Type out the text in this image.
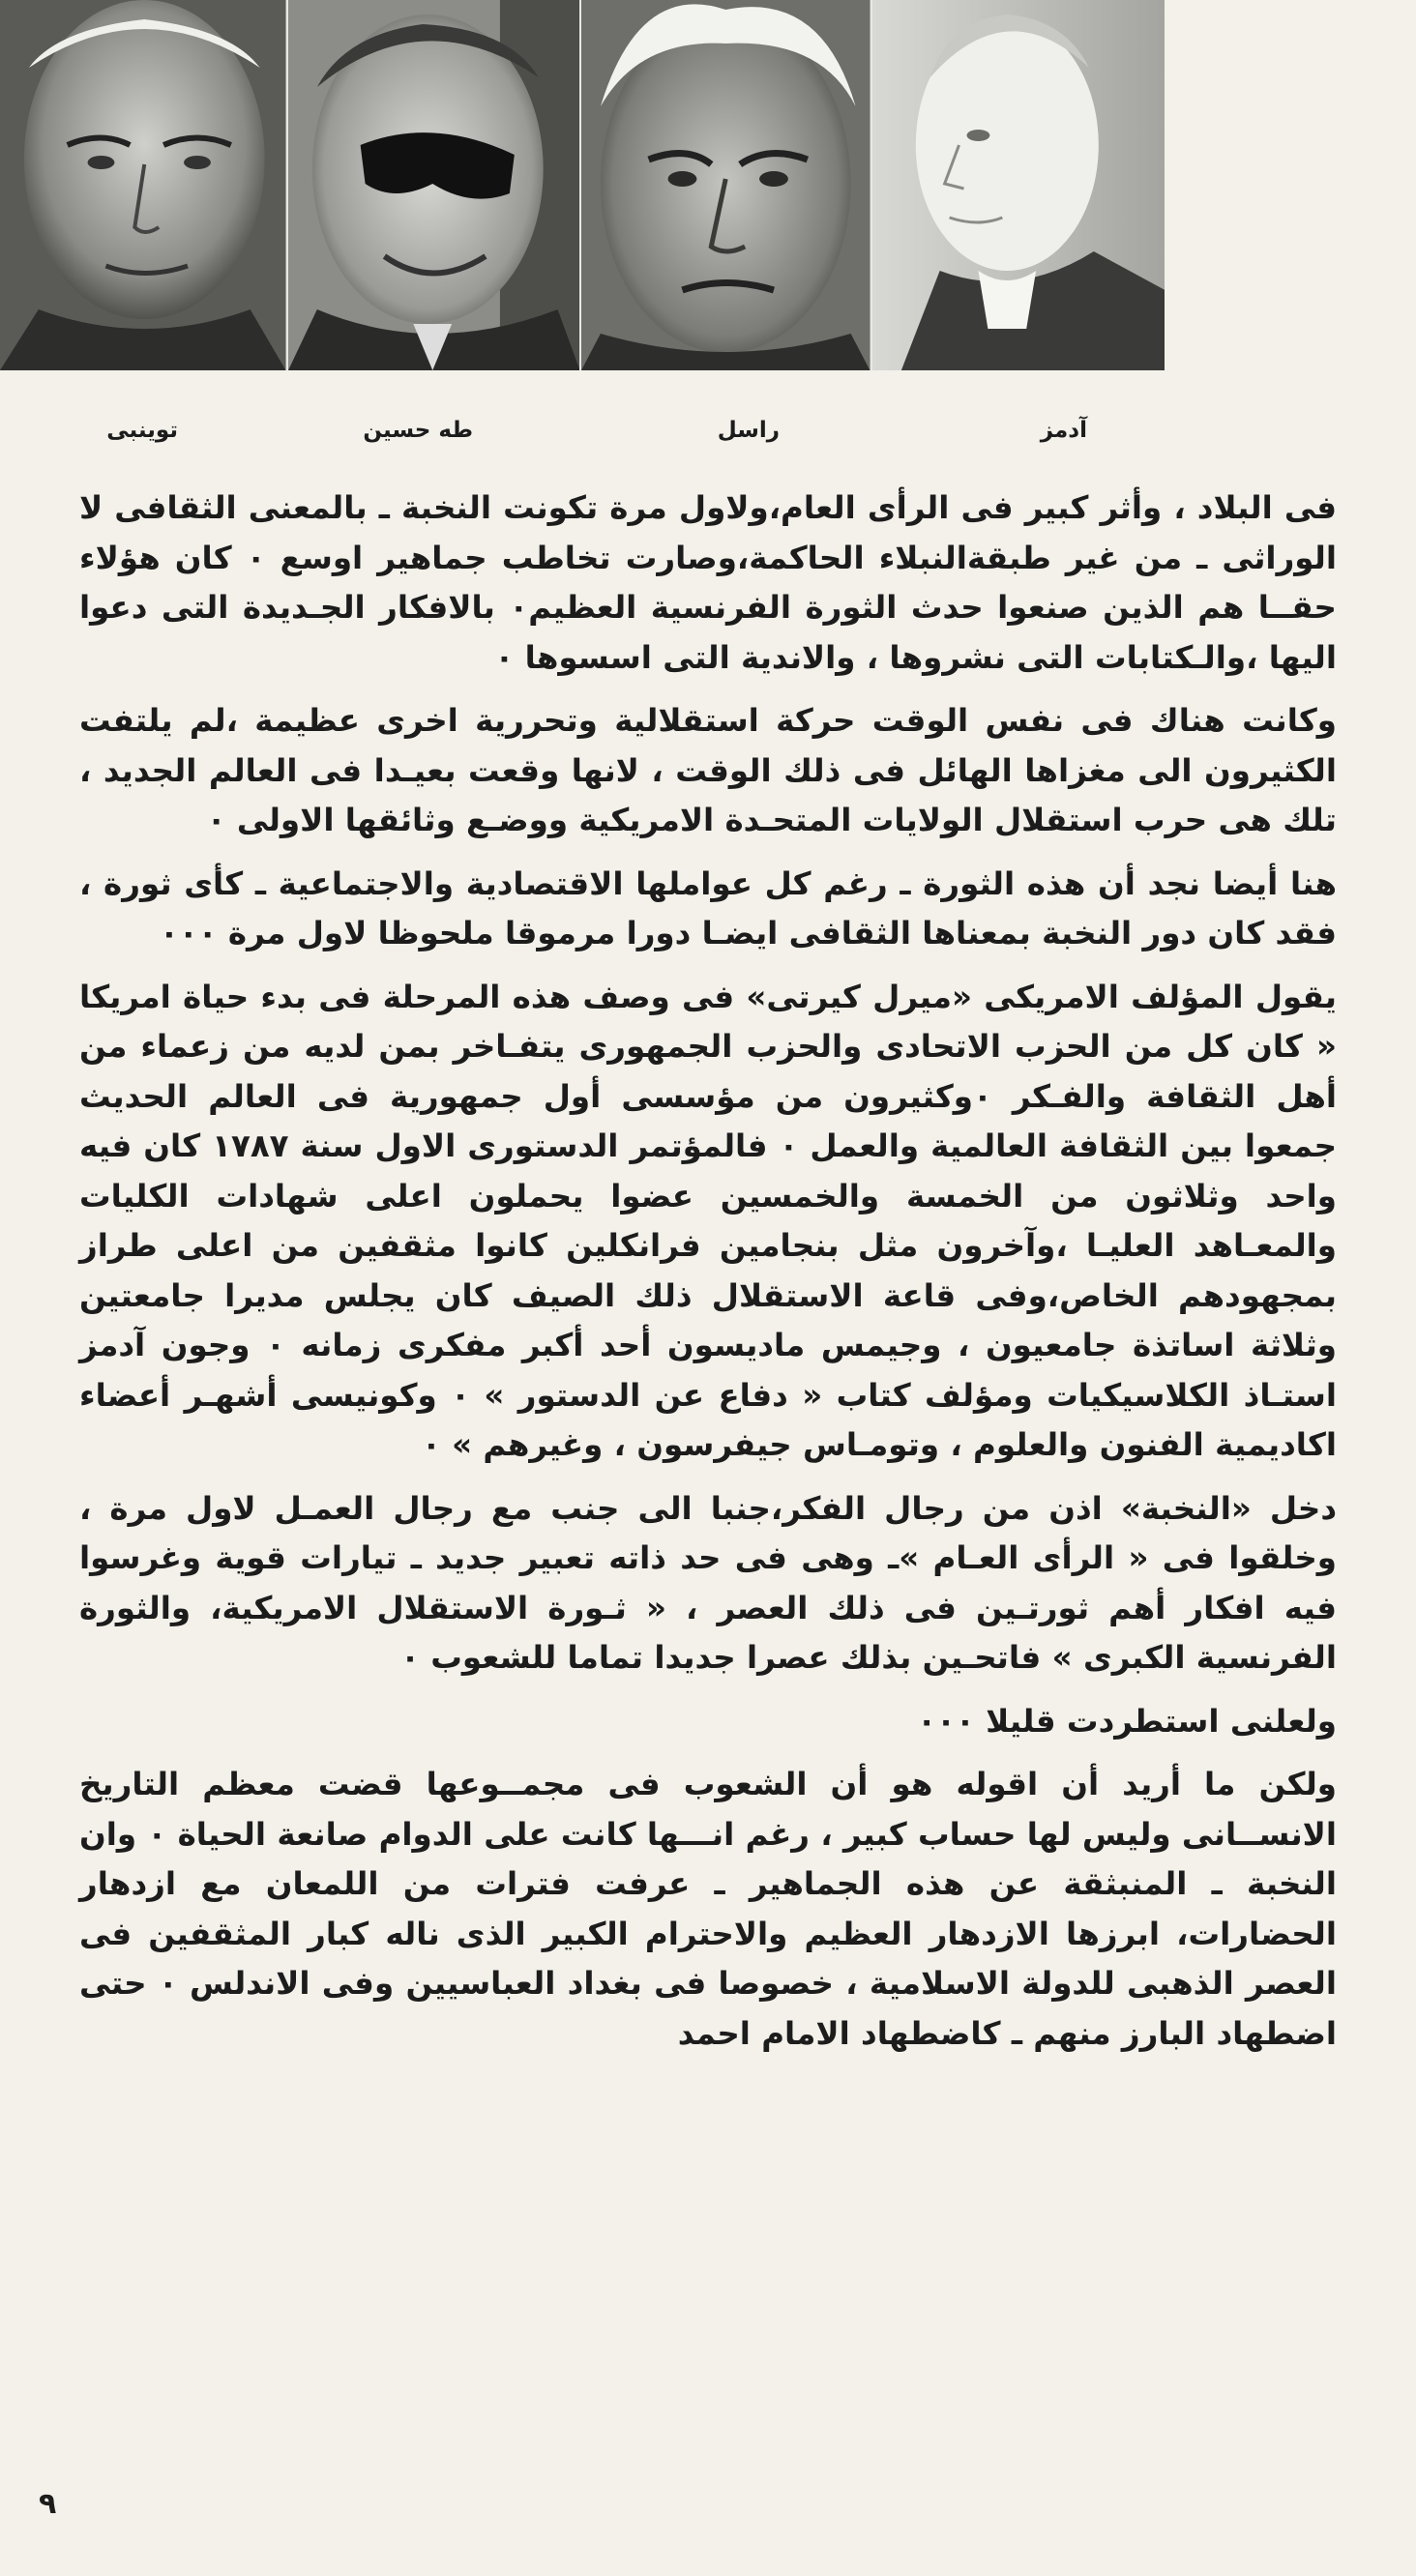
توينبى	طه حسين	راسل	آدمز

فى البلاد ، وأثر كبير فى الرأى العام،ولاول مرة تكونت النخبة ـ بالمعنى الثقافى لا الوراثى ـ من غير طبقةالنبلاء الحاكمة،وصارت تخاطب جماهير اوسع ٠ كان هؤلاء حقــا هم الذين صنعوا حدث الثورة الفرنسية العظيم٠ بالافكار الجـديدة التى دعوا اليها ،والـكتابات التى نشروها ، والاندية التى اسسوها ٠

وكانت هناك فى نفس الوقت حركة استقلالية وتحررية اخرى عظيمة ،لم يلتفت الكثيرون الى مغزاها الهائل فى ذلك الوقت ، لانها وقعت بعيـدا فى العالم الجديد ، تلك هى حرب استقلال الولايات المتحـدة الامريكية ووضـع وثائقها الاولى ٠

هنا أيضا نجد أن هذه الثورة ـ رغم كل عواملها الاقتصادية والاجتماعية ـ كأى ثورة ، فقد كان دور النخبة بمعناها الثقافى ايضـا دورا مرموقا ملحوظا لاول مرة ٠٠٠

يقول المؤلف الامريكى «ميرل كيرتى» فى وصف هذه المرحلة فى بدء حياة امريكا « كان كل من الحزب الاتحادى والحزب الجمهورى يتفـاخر بمن لديه من زعماء من أهل الثقافة والفـكر ٠وكثيرون من مؤسسى أول جمهورية فى العالم الحديث جمعوا بين الثقافة العالمية والعمل ٠ فالمؤتمر الدستورى الاول سنة ١٧٨٧ كان فيه واحد وثلاثون من الخمسة والخمسين عضوا يحملون اعلى شهادات الكليات والمعـاهد العليـا ،وآخرون مثل بنجامين فرانكلين كانوا مثقفين من اعلى طراز بمجهودهم الخاص،وفى قاعة الاستقلال ذلك الصيف كان يجلس مديرا جامعتين وثلاثة اساتذة جامعيون ، وجيمس ماديسون أحد أكبر مفكرى زمانه ٠ وجون آدمز استـاذ الكلاسيكيات ومؤلف كتاب « دفاع عن الدستور » ٠ وكونيسى أشهـر أعضاء اكاديمية الفنون والعلوم ، وتومـاس جيفرسون ، وغيرهم » ٠

دخل «النخبة» اذن من رجال الفكر،جنبا الى جنب مع رجال العمـل لاول مرة ، وخلقوا فى « الرأى العـام »ـ وهى فى حد ذاته تعبير جديد ـ تيارات قوية وغرسوا فيه افكار أهم ثورتـين فى ذلك العصر ، « ثـورة الاستقلال الامريكية، والثورة الفرنسية الكبرى » فاتحـين بذلك عصرا جديدا تماما للشعوب ٠

ولعلنى استطردت قليلا ٠٠٠

ولكن ما أريد أن اقوله هو أن الشعوب فى مجمــوعها قضت معظم التاريخ الانســانى وليس لها حساب كبير ، رغم انـــها كانت على الدوام صانعة الحياة ٠ وان النخبة ـ المنبثقة عن هذه الجماهير ـ عرفت فترات من اللمعان مع ازدهار الحضارات، ابرزها الازدهار العظيم والاحترام الكبير الذى ناله كبار المثقفين فى العصر الذهبى للدولة الاسلامية ، خصوصا فى بغداد العباسيين وفى الاندلس ٠ حتى اضطهاد البارز منهم ـ كاضطهاد الامام احمد

٩
